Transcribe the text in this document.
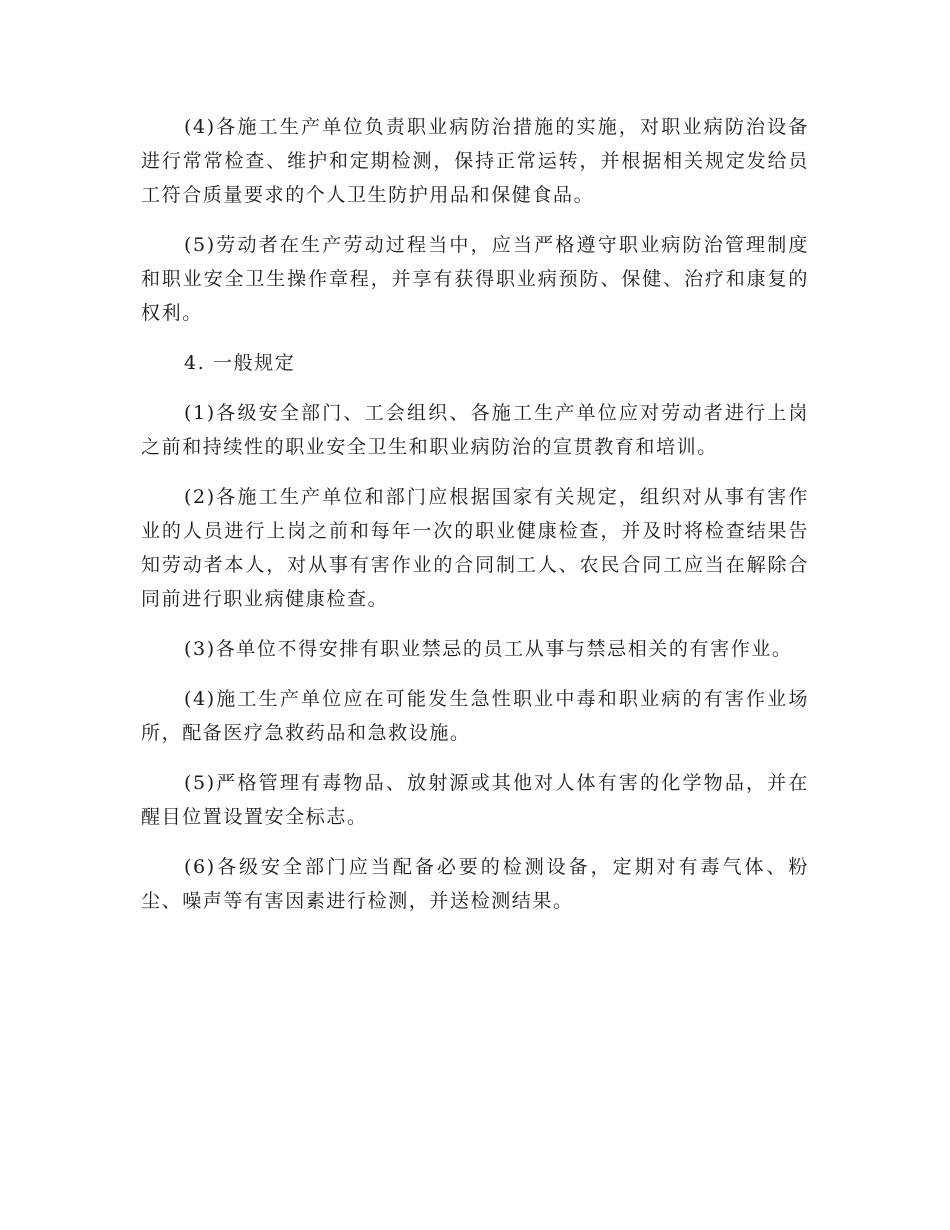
(4)各施工生产单位负责职业病防治措施的实施，对职业病防治设备进行常常检查、维护和定期检测，保持正常运转，并根据相关规定发给员工符合质量要求的个人卫生防护用品和保健食品。

(5)劳动者在生产劳动过程当中，应当严格遵守职业病防治管理制度和职业安全卫生操作章程，并享有获得职业病预防、保健、治疗和康复的权利。

4. 一般规定

(1)各级安全部门、工会组织、各施工生产单位应对劳动者进行上岗之前和持续性的职业安全卫生和职业病防治的宣贯教育和培训。

(2)各施工生产单位和部门应根据国家有关规定，组织对从事有害作业的人员进行上岗之前和每年一次的职业健康检查，并及时将检查结果告知劳动者本人，对从事有害作业的合同制工人、农民合同工应当在解除合同前进行职业病健康检查。

(3)各单位不得安排有职业禁忌的员工从事与禁忌相关的有害作业。

(4)施工生产单位应在可能发生急性职业中毒和职业病的有害作业场所，配备医疗急救药品和急救设施。

(5)严格管理有毒物品、放射源或其他对人体有害的化学物品，并在醒目位置设置安全标志。

(6)各级安全部门应当配备必要的检测设备，定期对有毒气体、粉尘、噪声等有害因素进行检测，并送检测结果。
